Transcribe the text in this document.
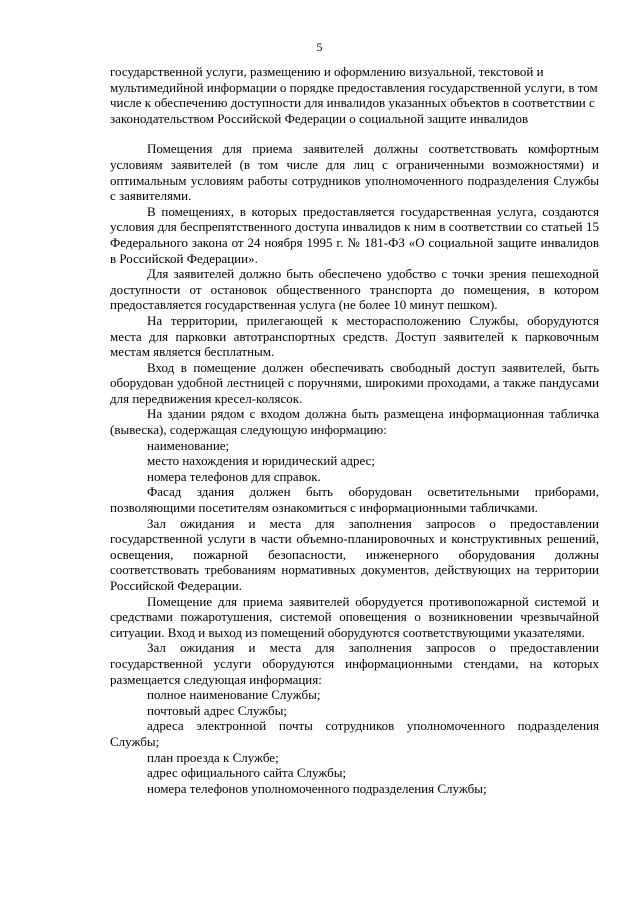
5

государственной услуги, размещению и оформлению визуальной, текстовой и мультимедийной информации о порядке предоставления государственной услуги, в том числе к обеспечению доступности для инвалидов указанных объектов в соответствии с законодательством Российской Федерации о социальной защите инвалидов

Помещения для приема заявителей должны соответствовать комфортным условиям заявителей (в том числе для лиц с ограниченными возможностями) и оптимальным условиям работы сотрудников уполномоченного подразделения Службы с заявителями.

В помещениях, в которых предоставляется государственная услуга, создаются условия для беспрепятственного доступа инвалидов к ним в соответствии со статьей 15 Федерального закона от 24 ноября 1995 г. № 181-ФЗ «О социальной защите инвалидов в Российской Федерации».

Для заявителей должно быть обеспечено удобство с точки зрения пешеходной доступности от остановок общественного транспорта до помещения, в котором предоставляется государственная услуга (не более 10 минут пешком).

На территории, прилегающей к месторасположению Службы, оборудуются места для парковки автотранспортных средств. Доступ заявителей к парковочным местам является бесплатным.

Вход в помещение должен обеспечивать свободный доступ заявителей, быть оборудован удобной лестницей с поручнями, широкими проходами, а также пандусами для передвижения кресел-колясок.

На здании рядом с входом должна быть размещена информационная табличка (вывеска), содержащая следующую информацию:

наименование;

место нахождения и юридический адрес;

номера телефонов для справок.

Фасад здания должен быть оборудован осветительными приборами, позволяющими посетителям ознакомиться с информационными табличками.

Зал ожидания и места для заполнения запросов о предоставлении государственной услуги в части объемно-планировочных и конструктивных решений, освещения, пожарной безопасности, инженерного оборудования должны соответствовать требованиям нормативных документов, действующих на территории Российской Федерации.

Помещение для приема заявителей оборудуется противопожарной системой и средствами пожаротушения, системой оповещения о возникновении чрезвычайной ситуации. Вход и выход из помещений оборудуются соответствующими указателями.

Зал ожидания и места для заполнения запросов о предоставлении государственной услуги оборудуются информационными стендами, на которых размещается следующая информация:

полное наименование Службы;

почтовый адрес Службы;

адреса электронной почты сотрудников уполномоченного подразделения Службы;

план проезда к Службе;

адрес официального сайта Службы;

номера телефонов уполномоченного подразделения Службы;
